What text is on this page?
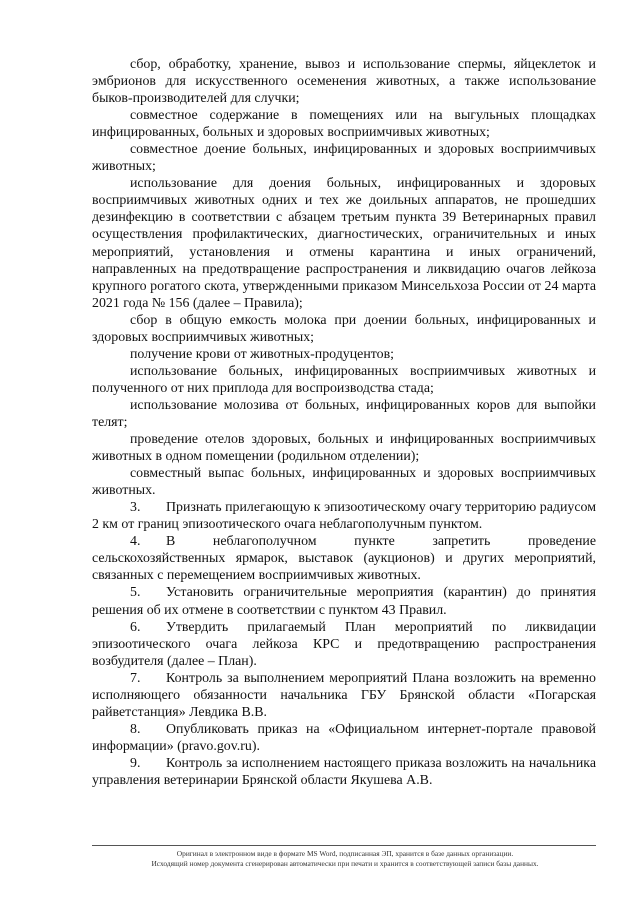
сбор, обработку, хранение, вывоз и использование спермы, яйцеклеток и эмбрионов для искусственного осеменения животных, а также использование быков-производителей для случки;

совместное содержание в помещениях или на выгульных площадках инфицированных, больных и здоровых восприимчивых животных;

совместное доение больных, инфицированных и здоровых восприимчивых животных;

использование для доения больных, инфицированных и здоровых восприимчивых животных одних и тех же доильных аппаратов, не прошедших дезинфекцию в соответствии с абзацем третьим пункта 39 Ветеринарных правил осуществления профилактических, диагностических, ограничительных и иных мероприятий, установления и отмены карантина и иных ограничений, направленных на предотвращение распространения и ликвидацию очагов лейкоза крупного рогатого скота, утвержденными приказом Минсельхоза России от 24 марта 2021 года № 156 (далее – Правила);

сбор в общую емкость молока при доении больных, инфицированных и здоровых восприимчивых животных;

получение крови от животных-продуцентов;

использование больных, инфицированных восприимчивых животных и полученного от них приплода для воспроизводства стада;

использование молозива от больных, инфицированных коров для выпойки телят;

проведение отелов здоровых, больных и инфицированных восприимчивых животных в одном помещении (родильном отделении);

совместный выпас больных, инфицированных и здоровых восприимчивых животных.

3. Признать прилегающую к эпизоотическому очагу территорию радиусом 2 км от границ эпизоотического очага неблагополучным пунктом.

4. В неблагополучном пункте запретить проведение сельскохозяйственных ярмарок, выставок (аукционов) и других мероприятий, связанных с перемещением восприимчивых животных.

5. Установить ограничительные мероприятия (карантин) до принятия решения об их отмене в соответствии с пунктом 43 Правил.

6. Утвердить прилагаемый План мероприятий по ликвидации эпизоотического очага лейкоза КРС и предотвращению распространения возбудителя (далее – План).

7. Контроль за выполнением мероприятий Плана возложить на временно исполняющего обязанности начальника ГБУ Брянской области «Погарская райветстанция» Левдика В.В.

8. Опубликовать приказ на «Официальном интернет-портале правовой информации» (pravo.gov.ru).

9. Контроль за исполнением настоящего приказа возложить на начальника управления ветеринарии Брянской области Якушева А.В.

Оригинал в электронном виде в формате MS Word, подписанная ЭП, хранится в базе данных организации.
Исходящий номер документа сгенерирован автоматически при печати и хранится в соответствующей записи базы данных.
